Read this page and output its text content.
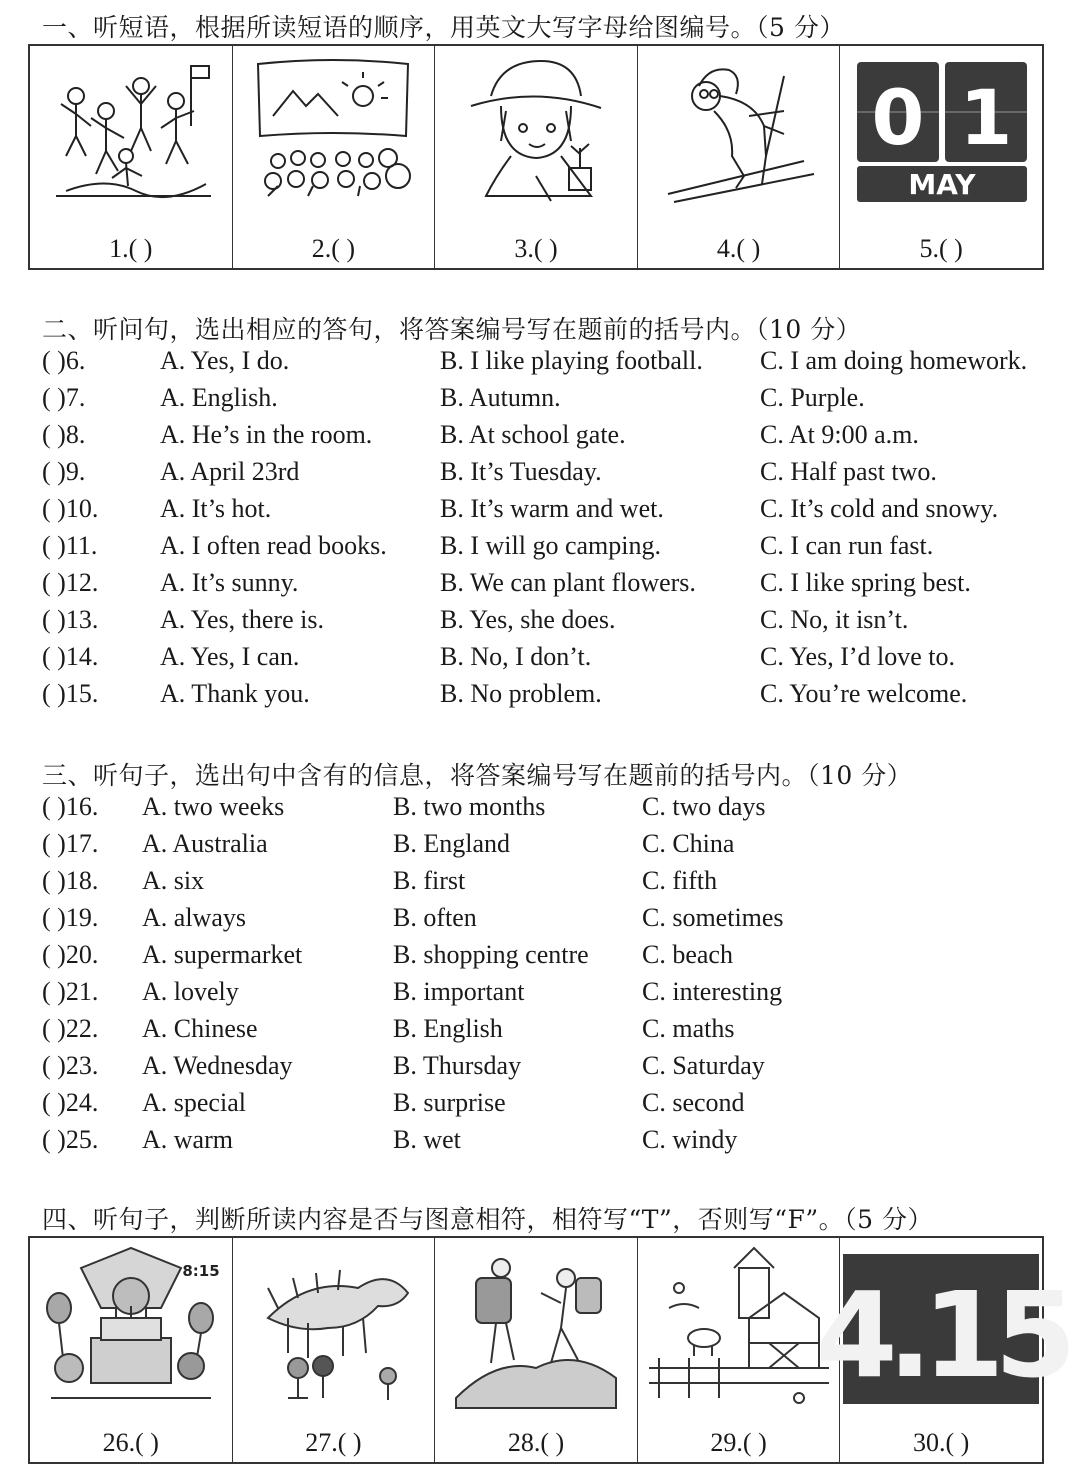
一、听短语，根据所读短语的顺序，用英文大写字母给图编号。（5 分）
1.( )	2.( )	3.( )	4.( )
0 1
MAY
5.( )
二、听问句，选出相应的答句，将答案编号写在题前的括号内。（10 分）
( )6.	A. Yes, I do.	B. I like playing football. C. I am doing homework.
( )7.	A. English.	B. Autumn.	C. Purple.
( )8.	A. He’s in the room.	B. At school gate.	C. At 9:00 a.m.
( )9.	A. April 23rd	B. It’s Tuesday.	C. Half past two.
( )10. A. It’s hot.	B. It’s warm and wet.	C. It’s cold and snowy.
( )11. A. I often read books. B. I will go camping.	C. I can run fast.
( )12. A. It’s sunny.	B. We can plant flowers. C. I like spring best.
( )13. A. Yes, there is.	B. Yes, she does.	C. No, it isn’t.
( )14. A. Yes, I can.	B. No, I don’t.	C. Yes, I’d love to.
( )15. A. Thank you.	B. No problem.	C. You’re welcome.
三、听句子，选出句中含有的信息，将答案编号写在题前的括号内。（10 分）
( )16. A. two weeks	B. two months	C. two days
( )17. A. Australia	B. England	C. China
( )18. A. six	B. first	C. fifth
( )19. A. always	B. often	C. sometimes
( )20. A. supermarket	B. shopping centre C. beach
( )21. A. lovely	B. important	C. interesting
( )22. A. Chinese	B. English	C. maths
( )23. A. Wednesday	B. Thursday	C. Saturday
( )24. A. special	B. surprise	C. second
( )25. A. warm	B. wet	C. windy
四、听句子，判断所读内容是否与图意相符，相符写“T”，否则写“F”。（5 分）
8:15
26.( )	27.( )	28.( )	29.( )
4.15
30.( )
